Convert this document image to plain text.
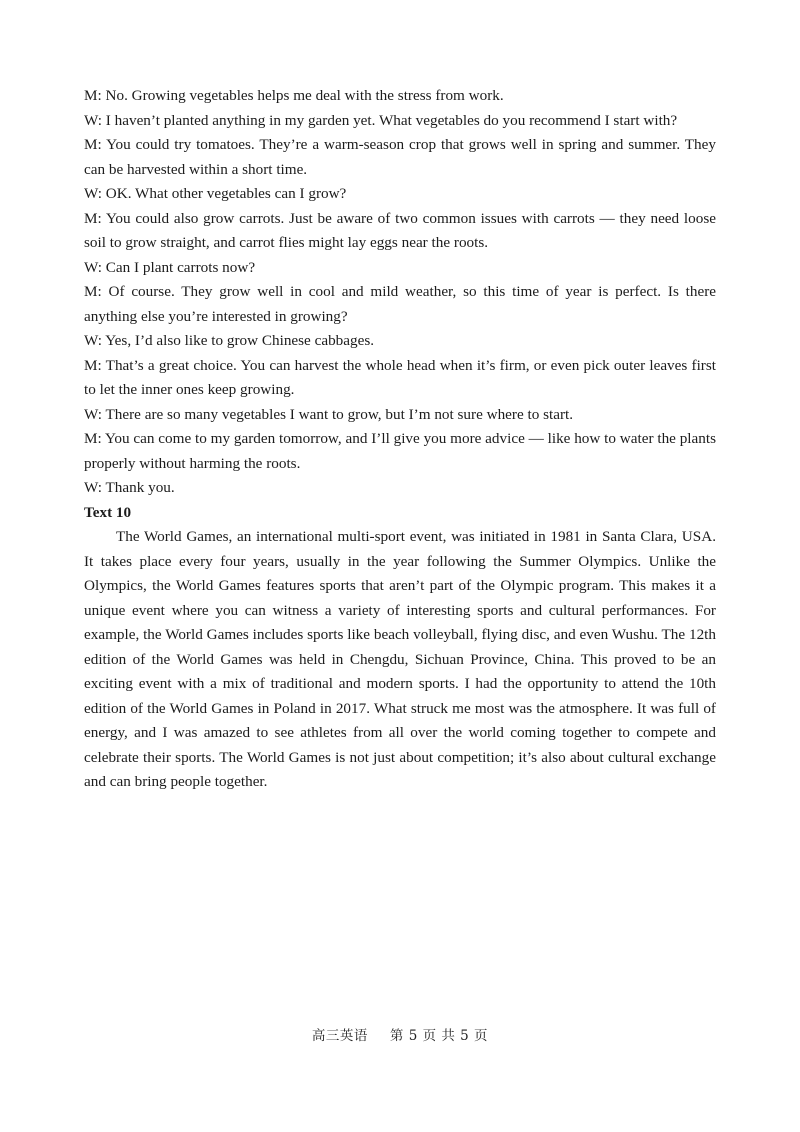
M: No. Growing vegetables helps me deal with the stress from work.

W: I haven’t planted anything in my garden yet. What vegetables do you recommend I start with?

M: You could try tomatoes. They’re a warm-season crop that grows well in spring and summer. They can be harvested within a short time.

W: OK. What other vegetables can I grow?

M: You could also grow carrots. Just be aware of two common issues with carrots — they need loose soil to grow straight, and carrot flies might lay eggs near the roots.

W: Can I plant carrots now?

M: Of course. They grow well in cool and mild weather, so this time of year is perfect. Is there anything else you’re interested in growing?

W: Yes, I’d also like to grow Chinese cabbages.

M: That’s a great choice. You can harvest the whole head when it’s firm, or even pick outer leaves first to let the inner ones keep growing.

W: There are so many vegetables I want to grow, but I’m not sure where to start.

M: You can come to my garden tomorrow, and I’ll give you more advice — like how to water the plants properly without harming the roots.

W: Thank you.

Text 10

The World Games, an international multi-sport event, was initiated in 1981 in Santa Clara, USA. It takes place every four years, usually in the year following the Summer Olympics. Unlike the Olympics, the World Games features sports that aren’t part of the Olympic program. This makes it a unique event where you can witness a variety of interesting sports and cultural performances. For example, the World Games includes sports like beach volleyball, flying disc, and even Wushu. The 12th edition of the World Games was held in Chengdu, Sichuan Province, China. This proved to be an exciting event with a mix of traditional and modern sports. I had the opportunity to attend the 10th edition of the World Games in Poland in 2017. What struck me most was the atmosphere. It was full of energy, and I was amazed to see athletes from all over the world coming together to compete and celebrate their sports. The World Games is not just about competition; it’s also about cultural exchange and can bring people together.

高三英语 第 5 页 共 5 页
